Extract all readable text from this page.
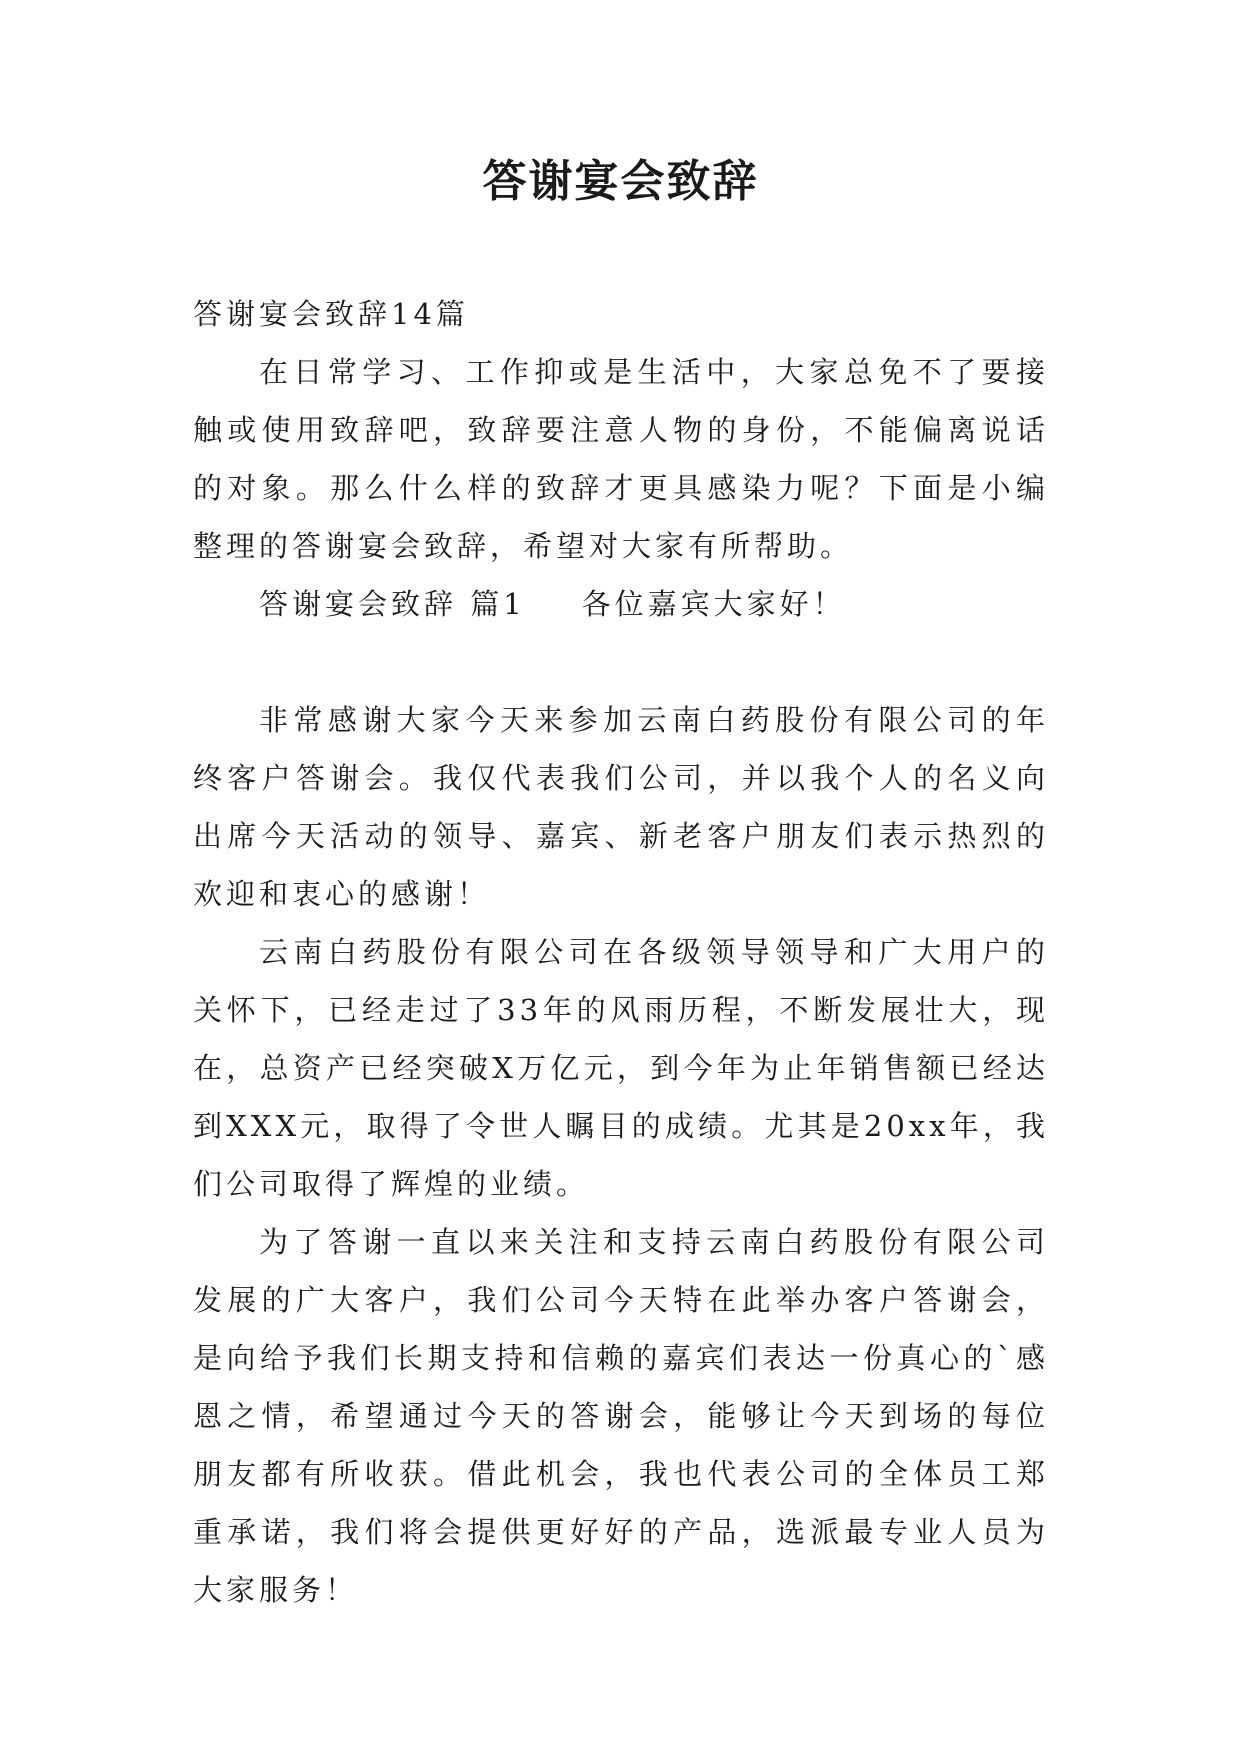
答谢宴会致辞

答谢宴会致辞14篇

在日常学习、工作抑或是生活中，大家总免不了要接触或使用致辞吧，致辞要注意人物的身份，不能偏离说话的对象。那么什么样的致辞才更具感染力呢？下面是小编整理的答谢宴会致辞，希望对大家有所帮助。

答谢宴会致辞 篇1 各位嘉宾大家好！

非常感谢大家今天来参加云南白药股份有限公司的年终客户答谢会。我仅代表我们公司，并以我个人的名义向出席今天活动的领导、嘉宾、新老客户朋友们表示热烈的欢迎和衷心的感谢！

云南白药股份有限公司在各级领导领导和广大用户的关怀下，已经走过了33年的风雨历程，不断发展壮大，现在，总资产已经突破X万亿元，到今年为止年销售额已经达到XXX元，取得了令世人瞩目的成绩。尤其是20xx年，我们公司取得了辉煌的业绩。

为了答谢一直以来关注和支持云南白药股份有限公司发展的广大客户，我们公司今天特在此举办客户答谢会，是向给予我们长期支持和信赖的嘉宾们表达一份真心的`感恩之情，希望通过今天的答谢会，能够让今天到场的每位朋友都有所收获。借此机会，我也代表公司的全体员工郑重承诺，我们将会提供更好好的产品，选派最专业人员为大家服务！
